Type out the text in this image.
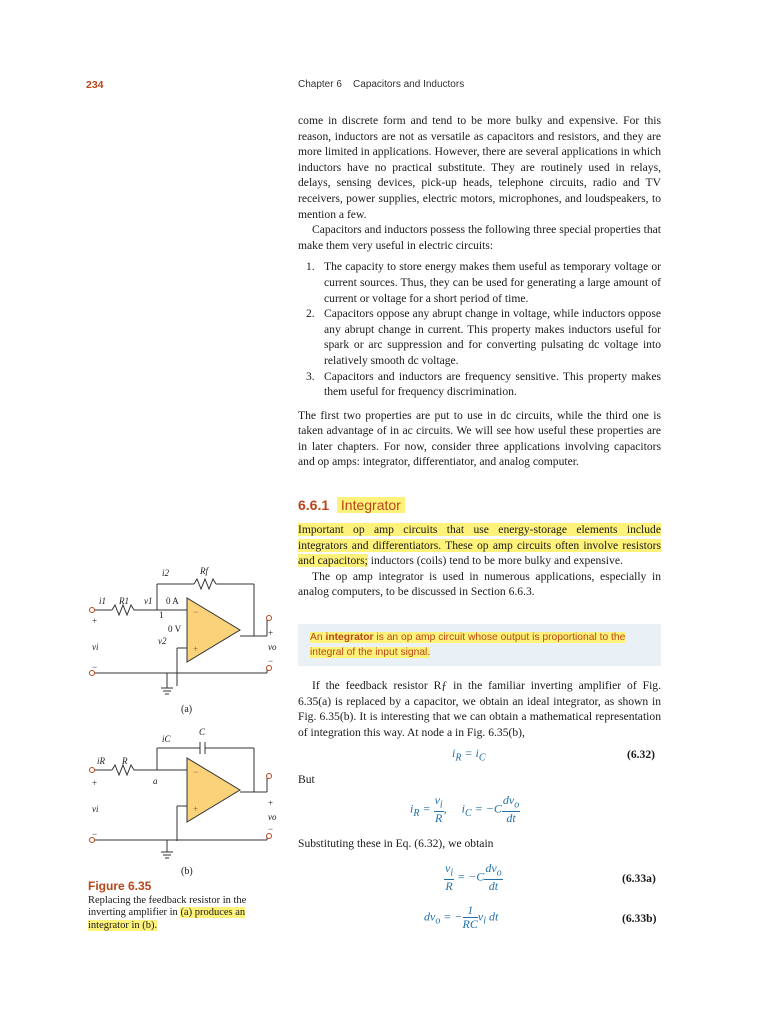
234	Chapter 6    Capacitors and Inductors

come in discrete form and tend to be more bulky and expensive. For this reason, inductors are not as versatile as capacitors and resistors, and they are more limited in applications. However, there are several applications in which inductors have no practical substitute. They are routinely used in relays, delays, sensing devices, pick-up heads, telephone circuits, radio and TV receivers, power supplies, electric motors, microphones, and loudspeakers, to mention a few.

Capacitors and inductors possess the following three special properties that make them very useful in electric circuits:

1. The capacity to store energy makes them useful as temporary voltage or current sources. Thus, they can be used for generating a large amount of current or voltage for a short period of time.
2. Capacitors oppose any abrupt change in voltage, while inductors oppose any abrupt change in current. This property makes inductors useful for spark or arc suppression and for converting pulsating dc voltage into relatively smooth dc voltage.
3. Capacitors and inductors are frequency sensitive. This property makes them useful for frequency discrimination.

The first two properties are put to use in dc circuits, while the third one is taken advantage of in ac circuits. We will see how useful these properties are in later chapters. For now, consider three applications involving capacitors and op amps: integrator, differentiator, and analog computer.

6.6.1 Integrator

Important op amp circuits that use energy-storage elements include integrators and differentiators. These op amp circuits often involve resistors and capacitors; inductors (coils) tend to be more bulky and expensive.

The op amp integrator is used in numerous applications, especially in analog computers, to be discussed in Section 6.6.3.

An integrator is an op amp circuit whose output is proportional to the integral of the input signal.

If the feedback resistor Rƒ in the familiar inverting amplifier of Fig. 6.35(a) is replaced by a capacitor, we obtain an ideal integrator, as shown in Fig. 6.35(b). It is interesting that we can obtain a mathematical representation of integration this way. At node a in Fig. 6.35(b),

$i_R = i_C$	(6.32)

But

$i_R = \frac{v_i}{R}$ ,     $i_C = -C \frac{dv_o}{dt}$

Substituting these in Eq. (6.32), we obtain

$\frac{v_i}{R} = -C \frac{dv_o}{dt}$	(6.33a)
$dv_o$ = − $\frac{1}{RC} v_i$ dt	(6.33b)
i2	Rf
i1 R1 v1
v2
vi	vo
0 A
1
0 V
+
−
+
−
−
+
(a)
iC
C
iR R
a
vi
vo
+
−
+
−
−
+
(b)
Figure 6.35
Replacing the feedback resistor in the inverting amplifier in (a) produces an integrator in (b).
